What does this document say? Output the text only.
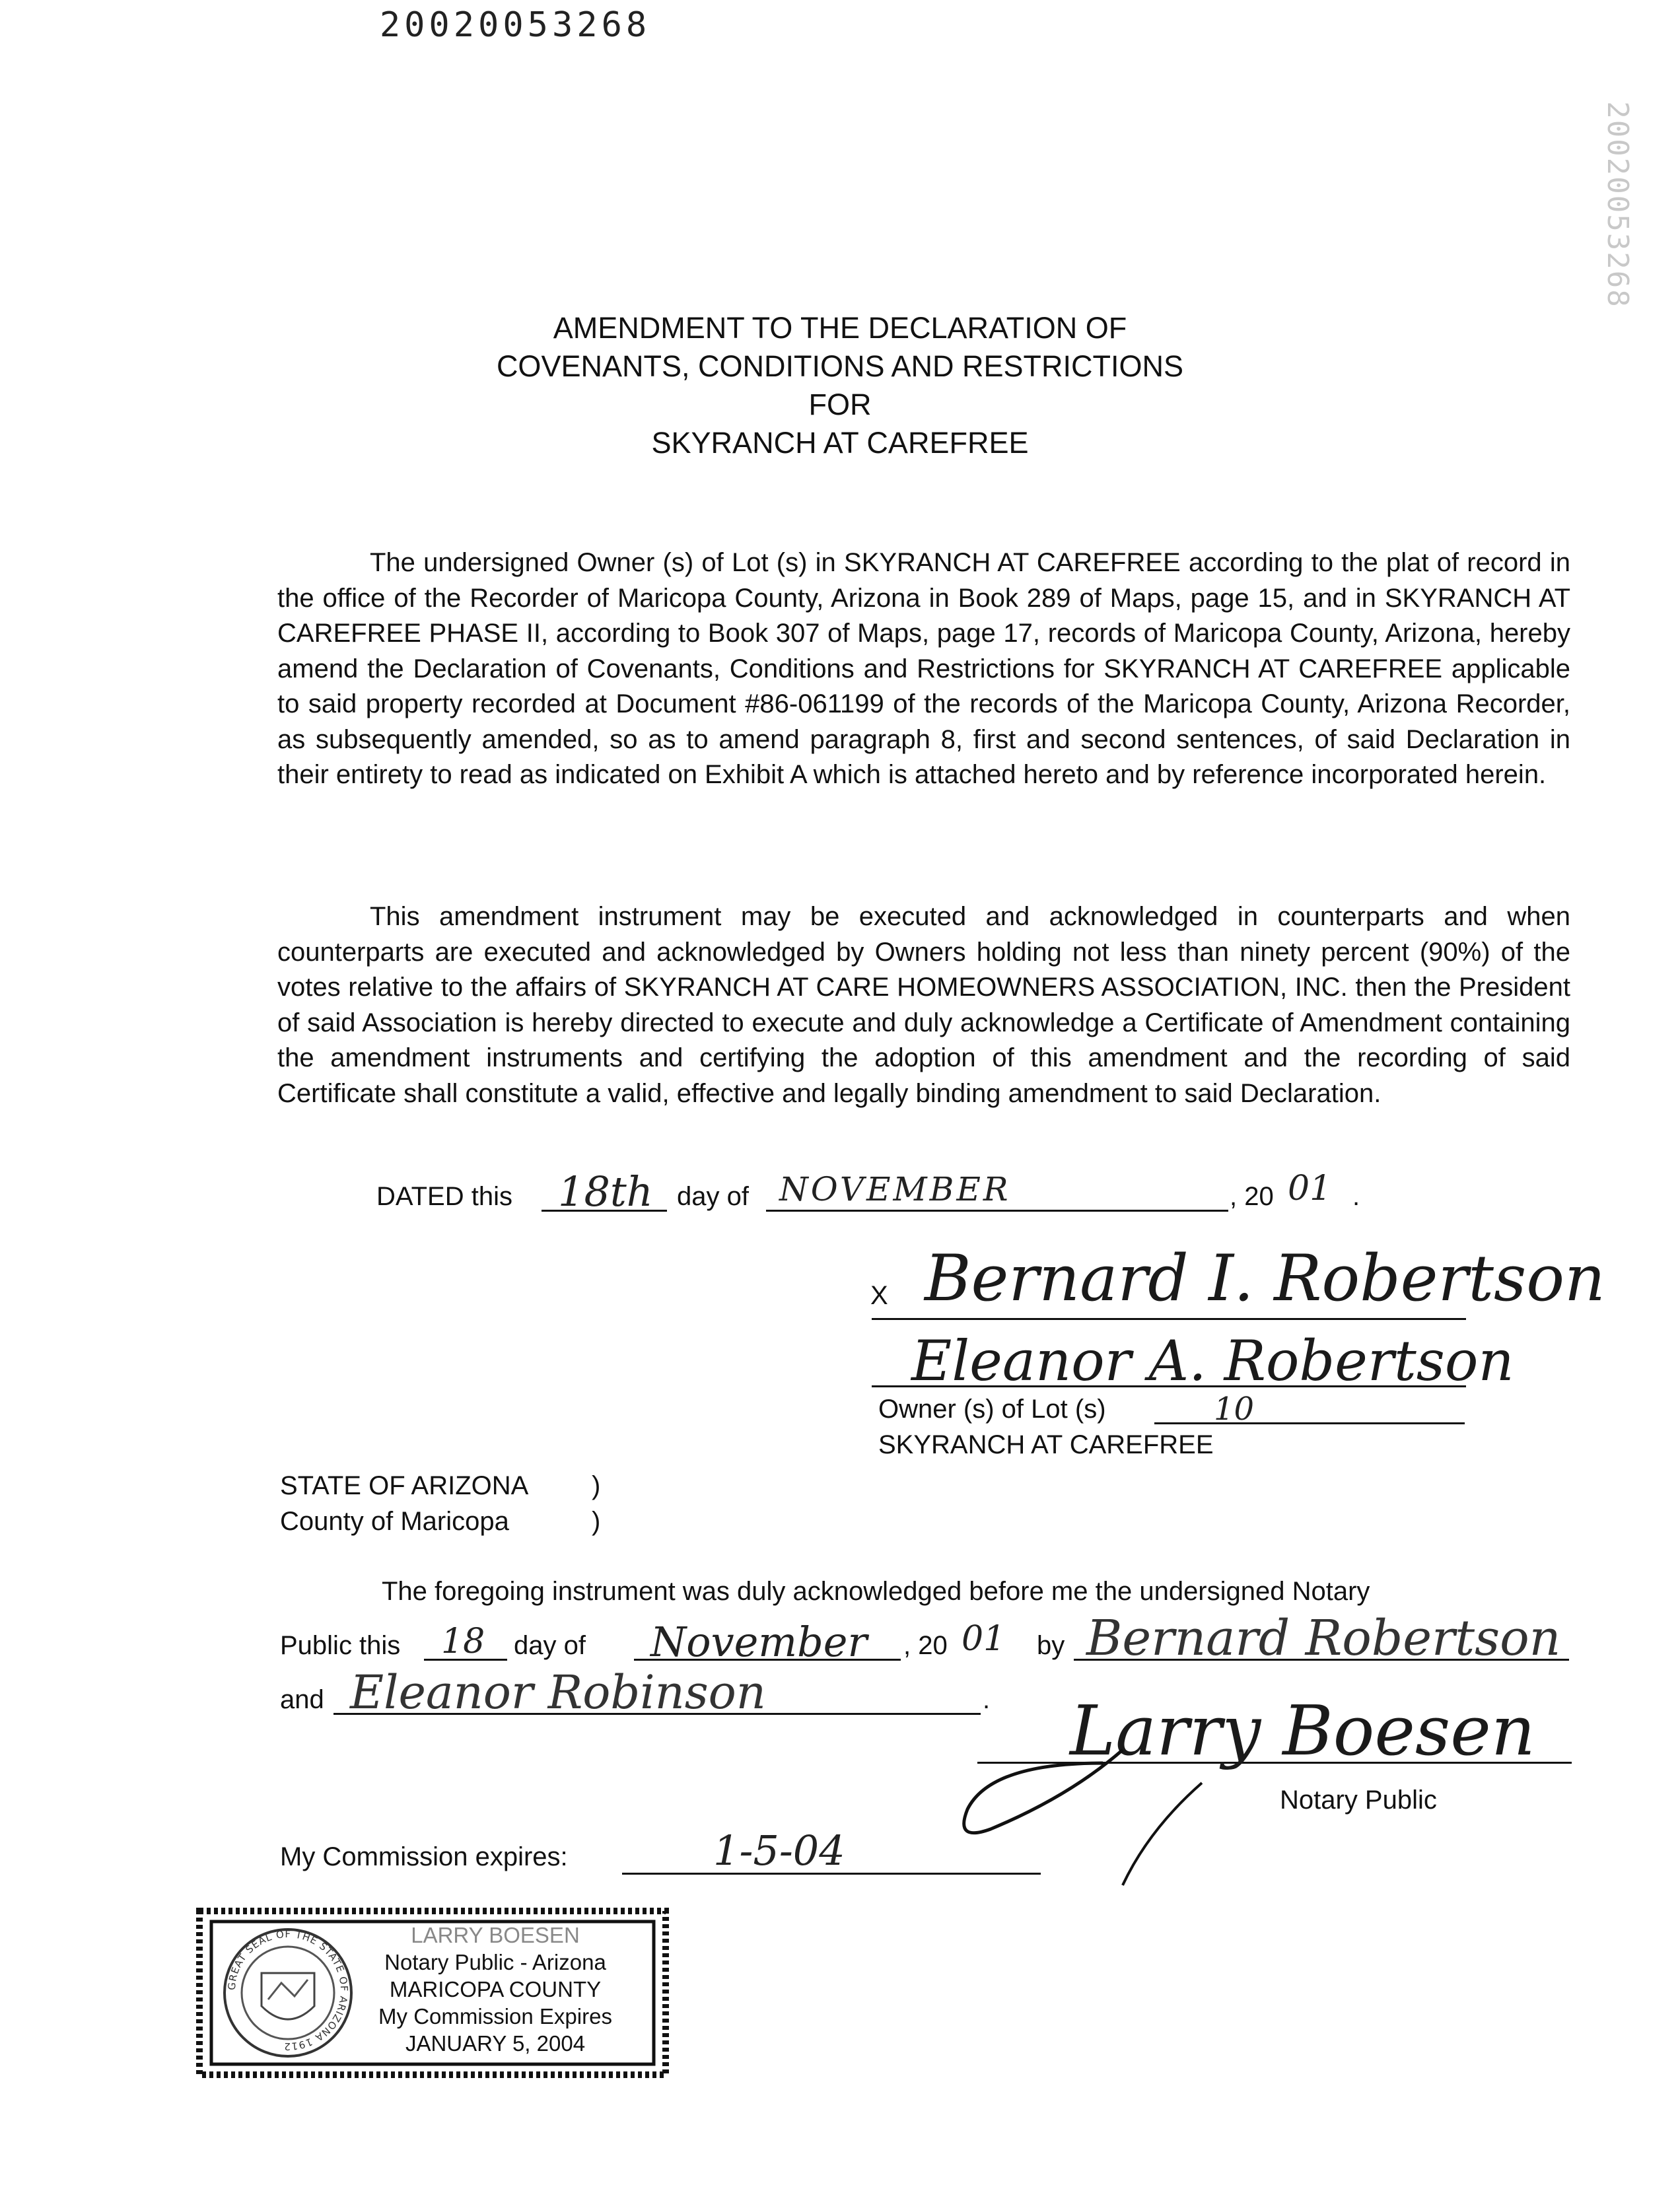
20020053268
20020053268
AMENDMENT TO THE DECLARATION OF
COVENANTS, CONDITIONS AND RESTRICTIONS
FOR
SKYRANCH AT CAREFREE
The undersigned Owner (s) of Lot (s) in SKYRANCH AT CAREFREE according to the plat of record in the office of the Recorder of Maricopa County, Arizona in Book 289 of Maps, page 15, and in SKYRANCH AT CAREFREE PHASE II, according to Book 307 of Maps, page 17, records of Maricopa County, Arizona, hereby amend the Declaration of Covenants, Conditions and Restrictions for SKYRANCH AT CAREFREE applicable to said property recorded at Document #86-061199 of the records of the Maricopa County, Arizona Recorder, as subsequently amended, so as to amend paragraph 8, first and second sentences, of said Declaration in their entirety to read as indicated on Exhibit A which is attached hereto and by reference incorporated herein.
This amendment instrument may be executed and acknowledged in counterparts and when counterparts are executed and acknowledged by Owners holding not less than ninety percent (90%) of the votes relative to the affairs of SKYRANCH AT CARE HOMEOWNERS ASSOCIATION, INC. then the President of said Association is hereby directed to execute and duly acknowledge a Certificate of Amendment containing the amendment instruments and certifying the adoption of this amendment and the recording of said Certificate shall constitute a valid, effective and legally binding amendment to said Declaration.
DATED this 18th day of NOVEMBER	, 20 01 .
X Bernard I. Robertson
Eleanor A. Robertson
Owner (s) of Lot (s)	10
SKYRANCH AT CAREFREE
STATE OF ARIZONA )
County of Maricopa	)
The foregoing instrument was duly acknowledged before me the undersigned Notary
Public this 18 day of November , 20 01 by Bernard Robertson
and Eleanor Robinson	. Larry Boesen
Notary Public
My Commission expires:	1-5-04
GREAT SEAL OF THE STATE OF ARIZONA 1912
LARRY BOESEN
Notary Public - Arizona
MARICOPA COUNTY
My Commission Expires
JANUARY 5, 2004
